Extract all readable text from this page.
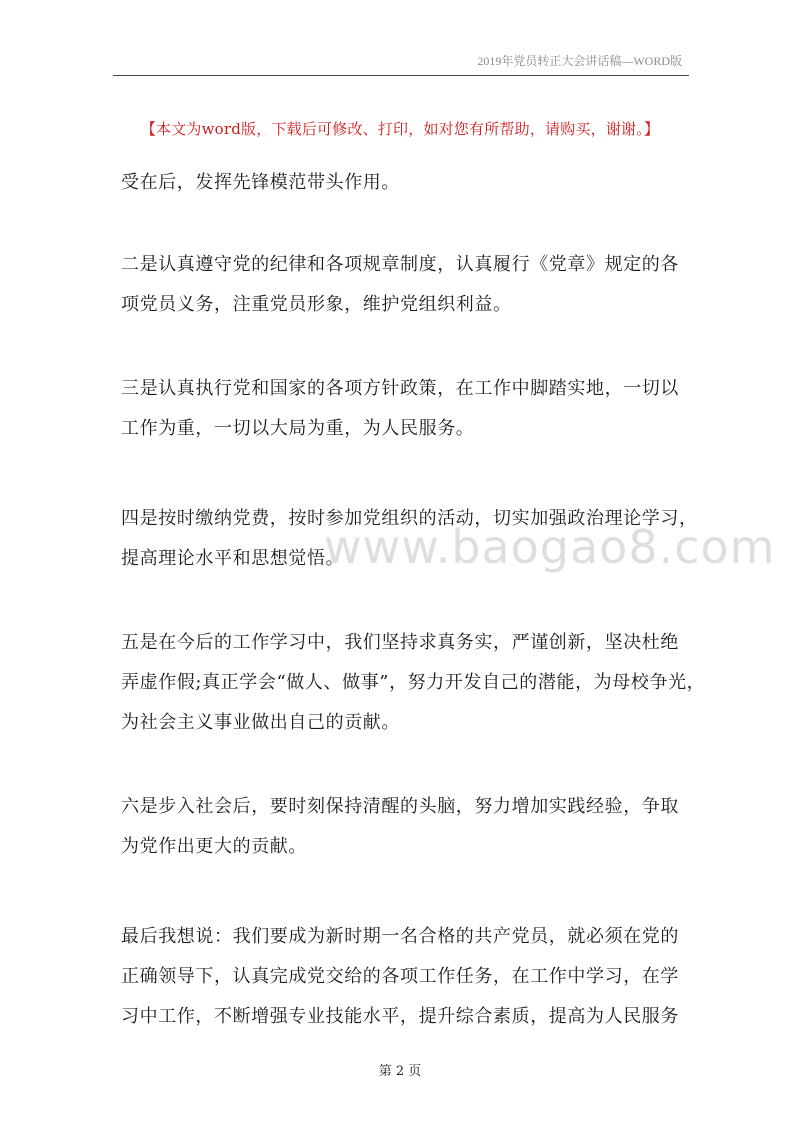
2019年党员转正大会讲话稿—WORD版
【本文为word版，下载后可修改、打印，如对您有所帮助，请购买，谢谢。】
受在后，发挥先锋模范带头作用。
二是认真遵守党的纪律和各项规章制度，认真履行《党章》规定的各
项党员义务，注重党员形象，维护党组织利益。
三是认真执行党和国家的各项方针政策，在工作中脚踏实地，一切以
工作为重，一切以大局为重，为人民服务。
四是按时缴纳党费，按时参加党组织的活动，切实加强政治理论学习，
提高理论水平和思想觉悟。
五是在今后的工作学习中，我们坚持求真务实，严谨创新，坚决杜绝
弄虚作假;真正学会“做人、做事”，努力开发自己的潜能，为母校争光，
为社会主义事业做出自己的贡献。
六是步入社会后，要时刻保持清醒的头脑，努力增加实践经验，争取
为党作出更大的贡献。
最后我想说：我们要成为新时期一名合格的共产党员，就必须在党的
正确领导下，认真完成党交给的各项工作任务，在工作中学习，在学
习中工作，不断增强专业技能水平，提升综合素质，提高为人民服务
www.baogao8.com
第 2 页
